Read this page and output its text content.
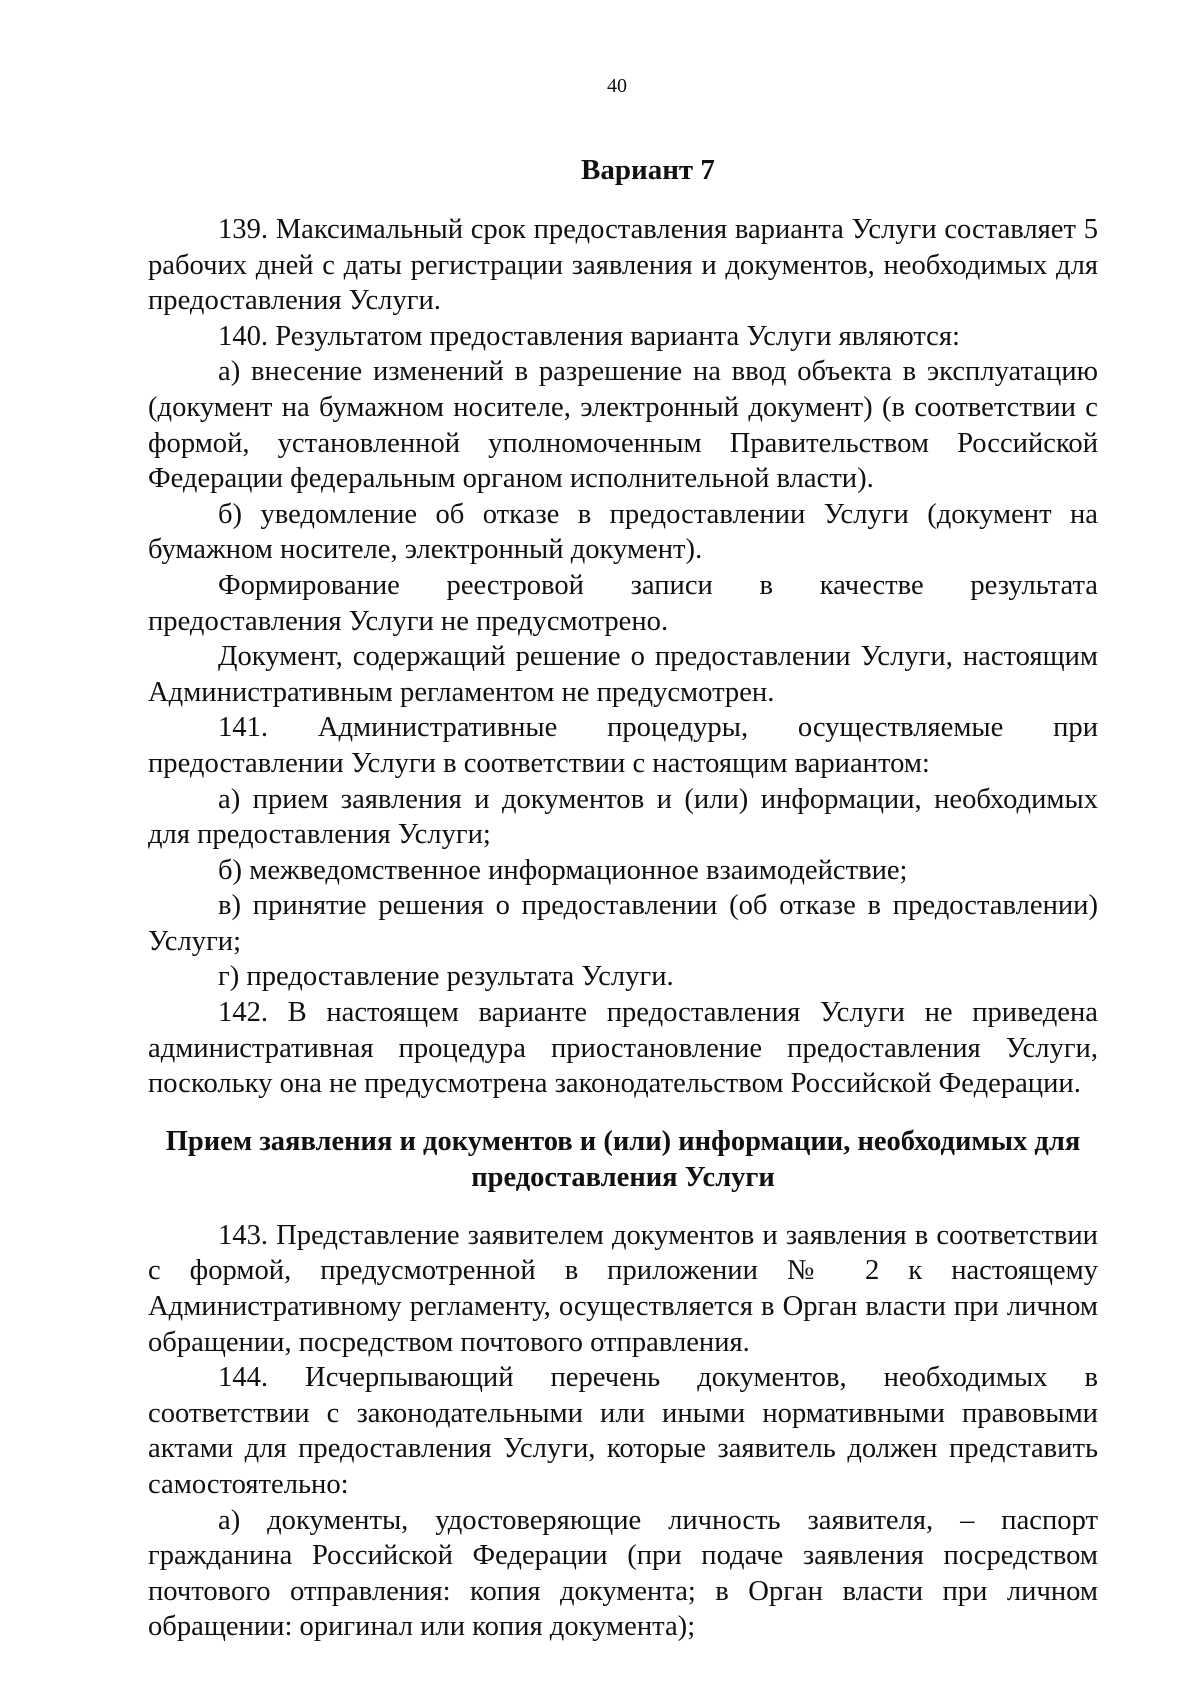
40
Вариант 7

139. Максимальный срок предоставления варианта Услуги составляет 5 рабочих дней с даты регистрации заявления и документов, необходимых для предоставления Услуги.

140. Результатом предоставления варианта Услуги являются:

а) внесение изменений в разрешение на ввод объекта в эксплуатацию (документ на бумажном носителе, электронный документ) (в соответствии с формой, установленной уполномоченным Правительством Российской Федерации федеральным органом исполнительной власти).

б) уведомление об отказе в предоставлении Услуги (документ на бумажном носителе, электронный документ).

Формирование реестровой записи в качестве результата предоставления Услуги не предусмотрено.

Документ, содержащий решение о предоставлении Услуги, настоящим Административным регламентом не предусмотрен.

141. Административные процедуры, осуществляемые при предоставлении Услуги в соответствии с настоящим вариантом:

а) прием заявления и документов и (или) информации, необходимых для предоставления Услуги;

б) межведомственное информационное взаимодействие;

в) принятие решения о предоставлении (об отказе в предоставлении) Услуги;

г) предоставление результата Услуги.

142. В настоящем варианте предоставления Услуги не приведена административная процедура приостановление предоставления Услуги, поскольку она не предусмотрена законодательством Российской Федерации.

Прием заявления и документов и (или) информации, необходимых для предоставления Услуги

143. Представление заявителем документов и заявления в соответствии с формой, предусмотренной в приложении № 2 к настоящему Административному регламенту, осуществляется в Орган власти при личном обращении, посредством почтового отправления.

144. Исчерпывающий перечень документов, необходимых в соответствии с законодательными или иными нормативными правовыми актами для предоставления Услуги, которые заявитель должен представить самостоятельно:

а) документы, удостоверяющие личность заявителя, – паспорт гражданина Российской Федерации (при подаче заявления посредством почтового отправления: копия документа; в Орган власти при личном обращении: оригинал или копия документа);
